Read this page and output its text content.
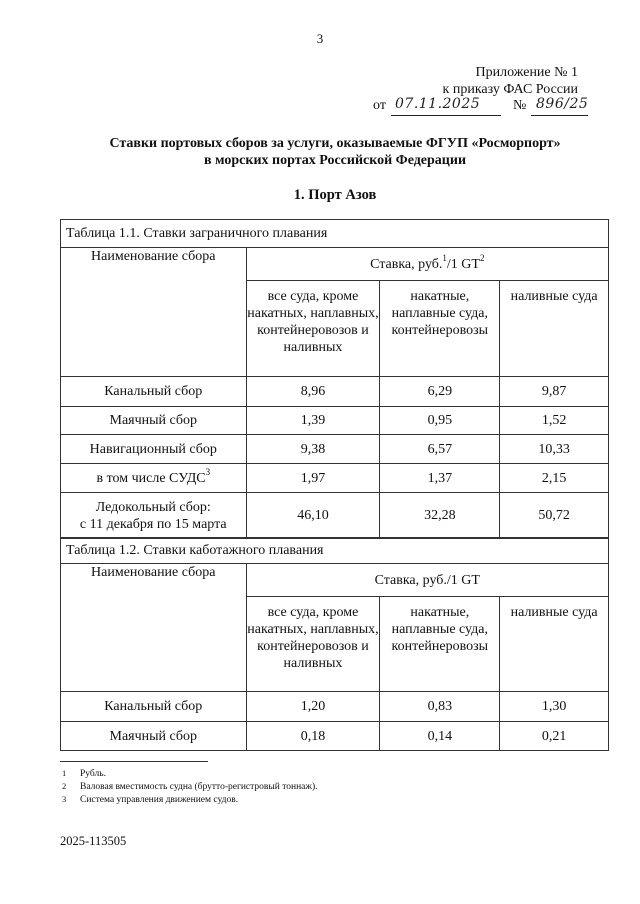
3
Приложение № 1
к приказу ФАС России
от 07.11.2025 № 896/25
Ставки портовых сборов за услуги, оказываемые ФГУП «Росморпорт»
в морских портах Российской Федерации
1. Порт Азов
Таблица 1.1. Ставки заграничного плавания			
Наименование сбора	Ставка, руб.$^1$/1 $GT^2$
	все суда, кроме накатных, наплавных, контейнеровозов и наливных	накатные, наплавные суда, контейнеровозы	наливные суда
Канальный сбор	8,96	6,29	9,87
Маячный сбор	1,39	0,95	1,52
Навигационный сбор	9,38	6,57	10,33
в том числе СУДС$^3$	1,97	1,37	2,15

Ледокольный сбор:
с 11 декабря по 15 марта	46,10	32,28	50,72
Таблица 1.2. Ставки каботажного плавания			
Наименование сбора	Ставка, руб./1 GT		
	все суда, кроме накатных, наплавных, контейнеровозов и наливных	накатные, наплавные суда, контейнеровозы	наливные суда
Канальный сбор	1,20	0,83	1,30
Маячный сбор	0,18	0,14	0,21
1 Рубль.
2 Валовая вместимость судна (брутто-регистровый тоннаж).
3 Система управления движением судов.
2025-113505
